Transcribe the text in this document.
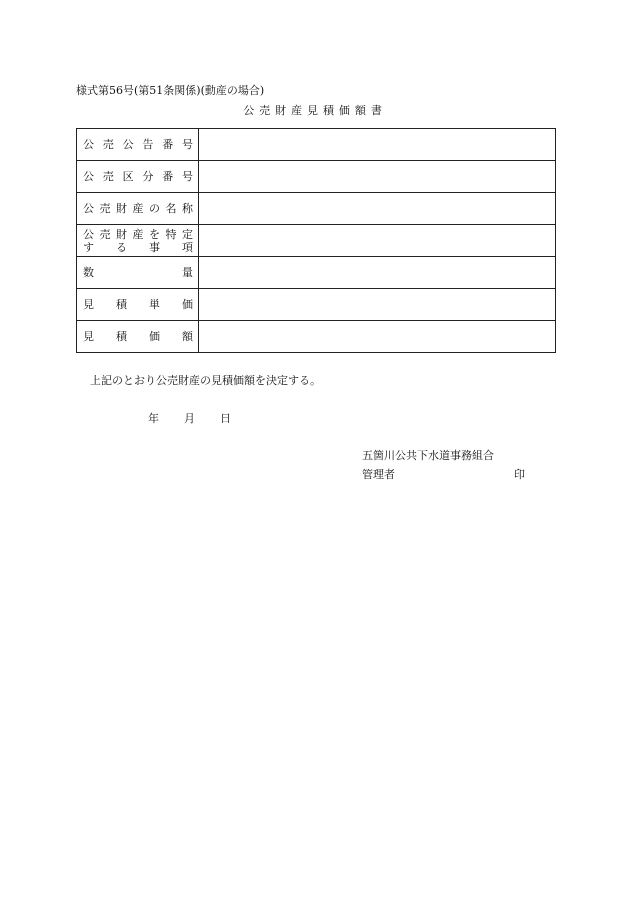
様式第56号(第51条関係)(動産の場合)
公売財産見積価額書
公売公告番号	

公売区分番号	

公売財産の名称	

公売財産を特定
する事項	

数量	

見積単価	

見積価額	

上記のとおり公売財産の見積価額を決定する。
年 月 日
五箇川公共下水道事務組合
管理者	印
